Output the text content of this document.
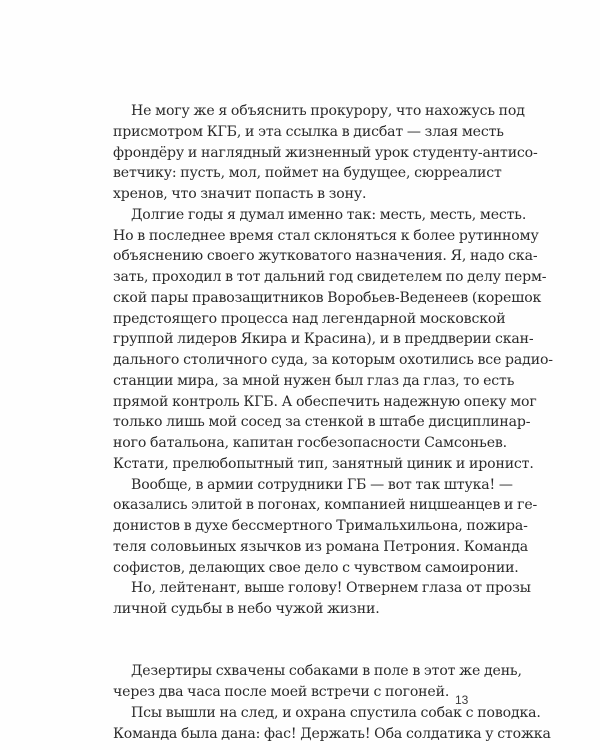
Не могу же я объяснить прокурору, что нахожусь под
присмотром КГБ, и эта ссылка в дисбат — злая месть
фрондёру и наглядный жизненный урок студенту-антисо-
ветчику: пусть, мол, поймет на будущее, сюрреалист
хренов, что значит попасть в зону.
Долгие годы я думал именно так: месть, месть, месть.
Но в последнее время стал склоняться к более рутинному
объяснению своего жутковатого назначения. Я, надо ска-
зать, проходил в тот дальний год свидетелем по делу перм-
ской пары правозащитников Воробьев-Веденеев (корешок
предстоящего процесса над легендарной московской
группой лидеров Якира и Красина), и в преддверии скан-
дального столичного суда, за которым охотились все радио-
станции мира, за мной нужен был глаз да глаз, то есть
прямой контроль КГБ. А обеспечить надежную опеку мог
только лишь мой сосед за стенкой в штабе дисциплинар-
ного батальона, капитан госбезопасности Самсоньев.
Кстати, прелюбопытный тип, занятный циник и иронист.
Вообще, в армии сотрудники ГБ — вот так штука! —
оказались элитой в погонах, компанией ницшеанцев и ге-
донистов в духе бессмертного Тримальхильона, пожира-
теля соловьиных язычков из романа Петрония. Команда
софистов, делающих свое дело с чувством самоиронии.
Но, лейтенант, выше голову! Отвернем глаза от прозы
личной судьбы в небо чужой жизни.
Дезертиры схвачены собаками в поле в этот же день,
через два часа после моей встречи с погоней.
Псы вышли на след, и охрана спустила собак с поводка.
Команда была дана: фас! Держать! Оба солдатика у стожка
13
